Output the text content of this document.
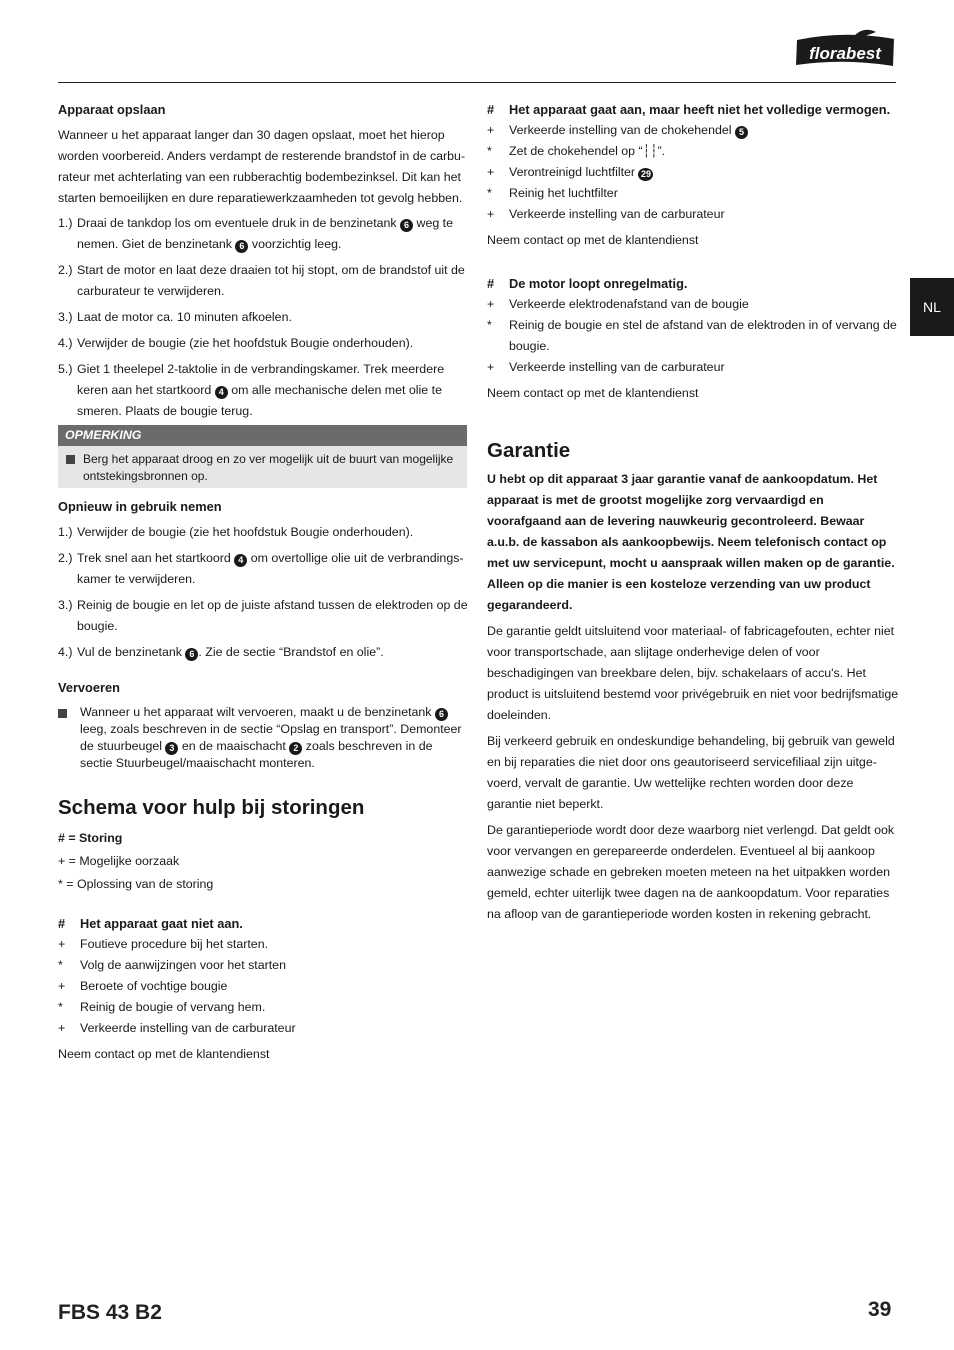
florabest
NL

Apparaat opslaan

Wanneer u het apparaat langer dan 30 dagen opslaat, moet het hierop worden voorbereid. Anders verdampt de resterende brandstof in de carburateur met achterlating van een rubberachtig bodembezinksel. Dit kan het starten bemoeilijken en dure reparatiewerkzaamheden tot gevolg hebben.

1.) Draai de tankdop los om eventuele druk in de benzinetank 6 weg te nemen. Giet de benzinetank 6 voorzichtig leeg.

2.) Start de motor en laat deze draaien tot hij stopt, om de brandstof uit de carburateur te verwijderen.

3.) Laat de motor ca. 10 minuten afkoelen.

4.) Verwijder de bougie (zie het hoofdstuk Bougie onderhouden).

5.) Giet 1 theelepel 2-taktolie in de verbrandingskamer. Trek meerdere keren aan het startkoord 4 om alle mechanische delen met olie te smeren. Plaats de bougie terug.

OPMERKING
Berg het apparaat droog en zo ver mogelijk uit de buurt van mogelijke ontstekingsbronnen op.

Opnieuw in gebruik nemen

1.) Verwijder de bougie (zie het hoofdstuk Bougie onderhouden).

2.) Trek snel aan het startkoord 4 om overtollige olie uit de verbrandingskamer te verwijderen.

3.) Reinig de bougie en let op de juiste afstand tussen de elektroden op de bougie.

4.) Vul de benzinetank 6 . Zie de sectie “Brandstof en olie”.

Vervoeren

Wanneer u het apparaat wilt vervoeren, maakt u de benzinetank 6 leeg, zoals beschreven in de sectie “Opslag en transport”. Demonteer de stuurbeugel 3 en de maaischacht 2 zoals beschreven in de sectie Stuurbeugel/maaischacht monteren.

Schema voor hulp bij storingen

# = Storing

+ = Mogelijke oorzaak

* = Oplossing van de storing

#	Het apparaat gaat niet aan.

+	Foutieve procedure bij het starten.

*	Volg de aanwijzingen voor het starten

+	Beroete of vochtige bougie

*	Reinig de bougie of vervang hem.

+	Verkeerde instelling van de carburateur

Neem contact op met de klantendienst

#	Het apparaat gaat aan, maar heeft niet het volledige vermogen.

+	Verkeerde instelling van de chokehendel 5

*	Zet de chokehendel op “┆┆”.

+	Verontreinigd luchtfilter 29

*	Reinig het luchtfilter

+	Verkeerde instelling van de carburateur

Neem contact op met de klantendienst

#	De motor loopt onregelmatig.

+	Verkeerde elektrodenafstand van de bougie

*	Reinig de bougie en stel de afstand van de elektroden in of vervang de bougie.

+	Verkeerde instelling van de carburateur

Neem contact op met de klantendienst

Garantie

U hebt op dit apparaat 3 jaar garantie vanaf de aankoopdatum. Het apparaat is met de grootst mogelijke zorg vervaardigd en voorafgaand aan de levering nauwkeurig gecontroleerd. Bewaar a.u.b. de kassabon als aankoopbewijs. Neem telefonisch contact op met uw servicepunt, mocht u aanspraak willen maken op de garantie. Alleen op die manier is een kosteloze verzending van uw product gegarandeerd.

De garantie geldt uitsluitend voor materiaal- of fabricagefouten, echter niet voor transportschade, aan slijtage onderhevige delen of voor beschadigingen van breekbare delen, bijv. schakelaars of accu's. Het product is uitsluitend bestemd voor privégebruik en niet voor bedrijfsmatige doeleinden.

Bij verkeerd gebruik en ondeskundige behandeling, bij gebruik van geweld en bij reparaties die niet door ons geautoriseerd servicefiliaal zijn uitgevoerd, vervalt de garantie. Uw wettelijke rechten worden door deze garantie niet beperkt.

De garantieperiode wordt door deze waarborg niet verlengd. Dat geldt ook voor vervangen en gerepareerde onderdelen. Eventueel al bij aankoop aanwezige schade en gebreken moeten meteen na het uitpakken worden gemeld, echter uiterlijk twee dagen na de aankoopdatum. Voor reparaties na afloop van de garantieperiode worden kosten in rekening gebracht.

FBS 43 B2	39
